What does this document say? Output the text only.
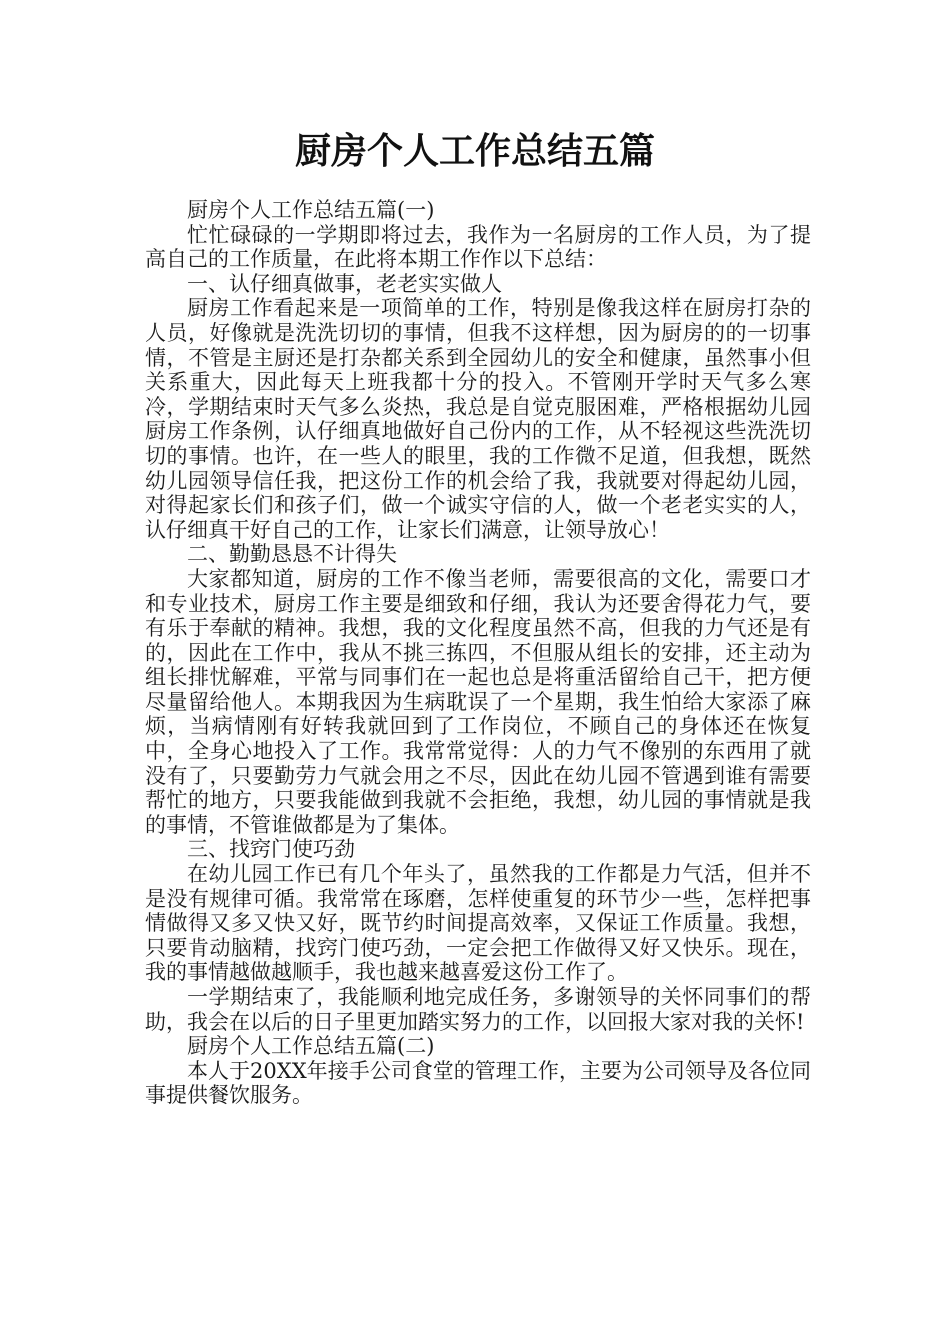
厨房个人工作总结五篇

厨房个人工作总结五篇(一)

忙忙碌碌的一学期即将过去，我作为一名厨房的工作人员，为了提高自己的工作质量，在此将本期工作作以下总结：

一、认仔细真做事，老老实实做人

厨房工作看起来是一项简单的工作，特别是像我这样在厨房打杂的人员，好像就是洗洗切切的事情，但我不这样想，因为厨房的的一切事情，不管是主厨还是打杂都关系到全园幼儿的安全和健康，虽然事小但关系重大，因此每天上班我都十分的投入。不管刚开学时天气多么寒冷，学期结束时天气多么炎热，我总是自觉克服困难，严格根据幼儿园厨房工作条例，认仔细真地做好自己份内的工作，从不轻视这些洗洗切切的事情。也许，在一些人的眼里，我的工作微不足道，但我想，既然幼儿园领导信任我，把这份工作的机会给了我，我就要对得起幼儿园，对得起家长们和孩子们，做一个诚实守信的人，做一个老老实实的人，认仔细真干好自己的工作，让家长们满意，让领导放心！

二、勤勤恳恳不计得失

大家都知道，厨房的工作不像当老师，需要很高的文化，需要口才和专业技术，厨房工作主要是细致和仔细，我认为还要舍得花力气，要有乐于奉献的精神。我想，我的文化程度虽然不高，但我的力气还是有的，因此在工作中，我从不挑三拣四，不但服从组长的安排，还主动为组长排忧解难，平常与同事们在一起也总是将重活留给自己干，把方便尽量留给他人。本期我因为生病耽误了一个星期，我生怕给大家添了麻烦，当病情刚有好转我就回到了工作岗位，不顾自己的身体还在恢复中，全身心地投入了工作。我常常觉得：人的力气不像别的东西用了就没有了，只要勤劳力气就会用之不尽，因此在幼儿园不管遇到谁有需要帮忙的地方，只要我能做到我就不会拒绝，我想，幼儿园的事情就是我的事情，不管谁做都是为了集体。

三、找窍门使巧劲

在幼儿园工作已有几个年头了，虽然我的工作都是力气活，但并不是没有规律可循。我常常在琢磨，怎样使重复的环节少一些，怎样把事情做得又多又快又好，既节约时间提高效率，又保证工作质量。我想，只要肯动脑精，找窍门使巧劲，一定会把工作做得又好又快乐。现在，我的事情越做越顺手，我也越来越喜爱这份工作了。

一学期结束了，我能顺利地完成任务，多谢领导的关怀同事们的帮助，我会在以后的日子里更加踏实努力的工作，以回报大家对我的关怀!

厨房个人工作总结五篇(二)

本人于20XX年接手公司食堂的管理工作，主要为公司领导及各位同事提供餐饮服务。
